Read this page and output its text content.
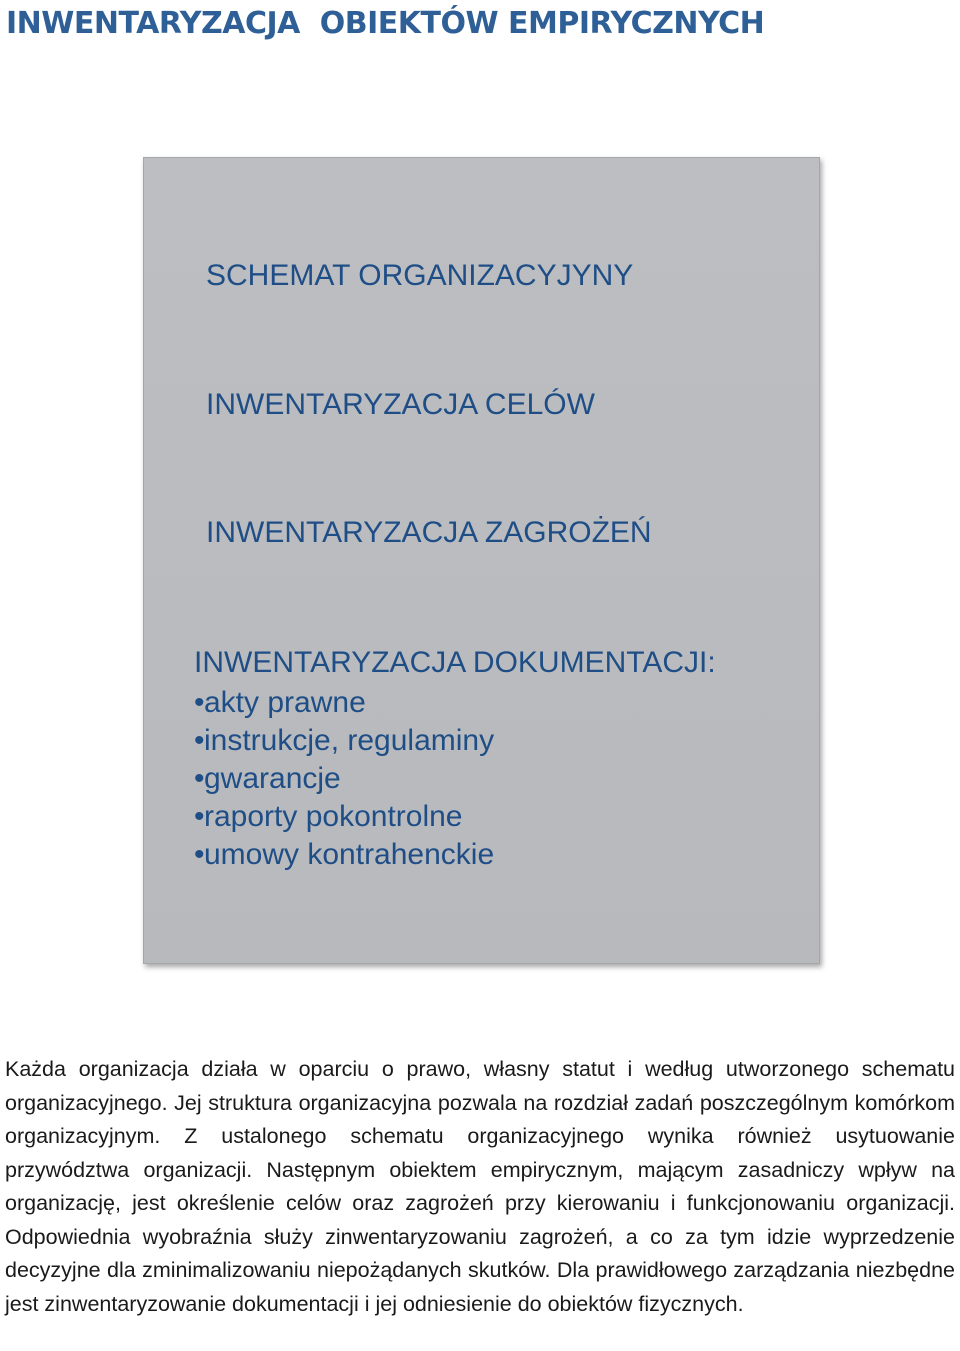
INWENTARYZACJA  OBIEKTÓW EMPIRYCZNYCH
SCHEMAT ORGANIZACYJYNY
INWENTARYZACJA CELÓW
INWENTARYZACJA ZAGROŻEŃ
INWENTARYZACJA DOKUMENTACJI:
•akty prawne
•instrukcje, regulaminy
•gwarancje
•raporty pokontrolne
•umowy kontrahenckie

Każda organizacja działa w oparciu o prawo, własny statut i według utworzonego schematu organizacyjnego. Jej struktura organizacyjna pozwala na rozdział zadań poszczególnym komórkom organizacyjnym. Z ustalonego schematu organizacyjnego wynika również usytuowanie przywództwa organizacji. Następnym obiektem empirycznym, mającym zasadniczy wpływ na organizację, jest określenie celów oraz zagrożeń przy kierowaniu i funkcjonowaniu organizacji. Odpowiednia wyobraźnia służy zinwentaryzowaniu zagrożeń, a co za tym idzie wyprzedzenie decyzyjne dla zminimalizowaniu niepożądanych skutków. Dla prawidłowego zarządzania niezbędne jest zinwentaryzowanie dokumentacji i jej odniesienie do obiektów fizycznych.
